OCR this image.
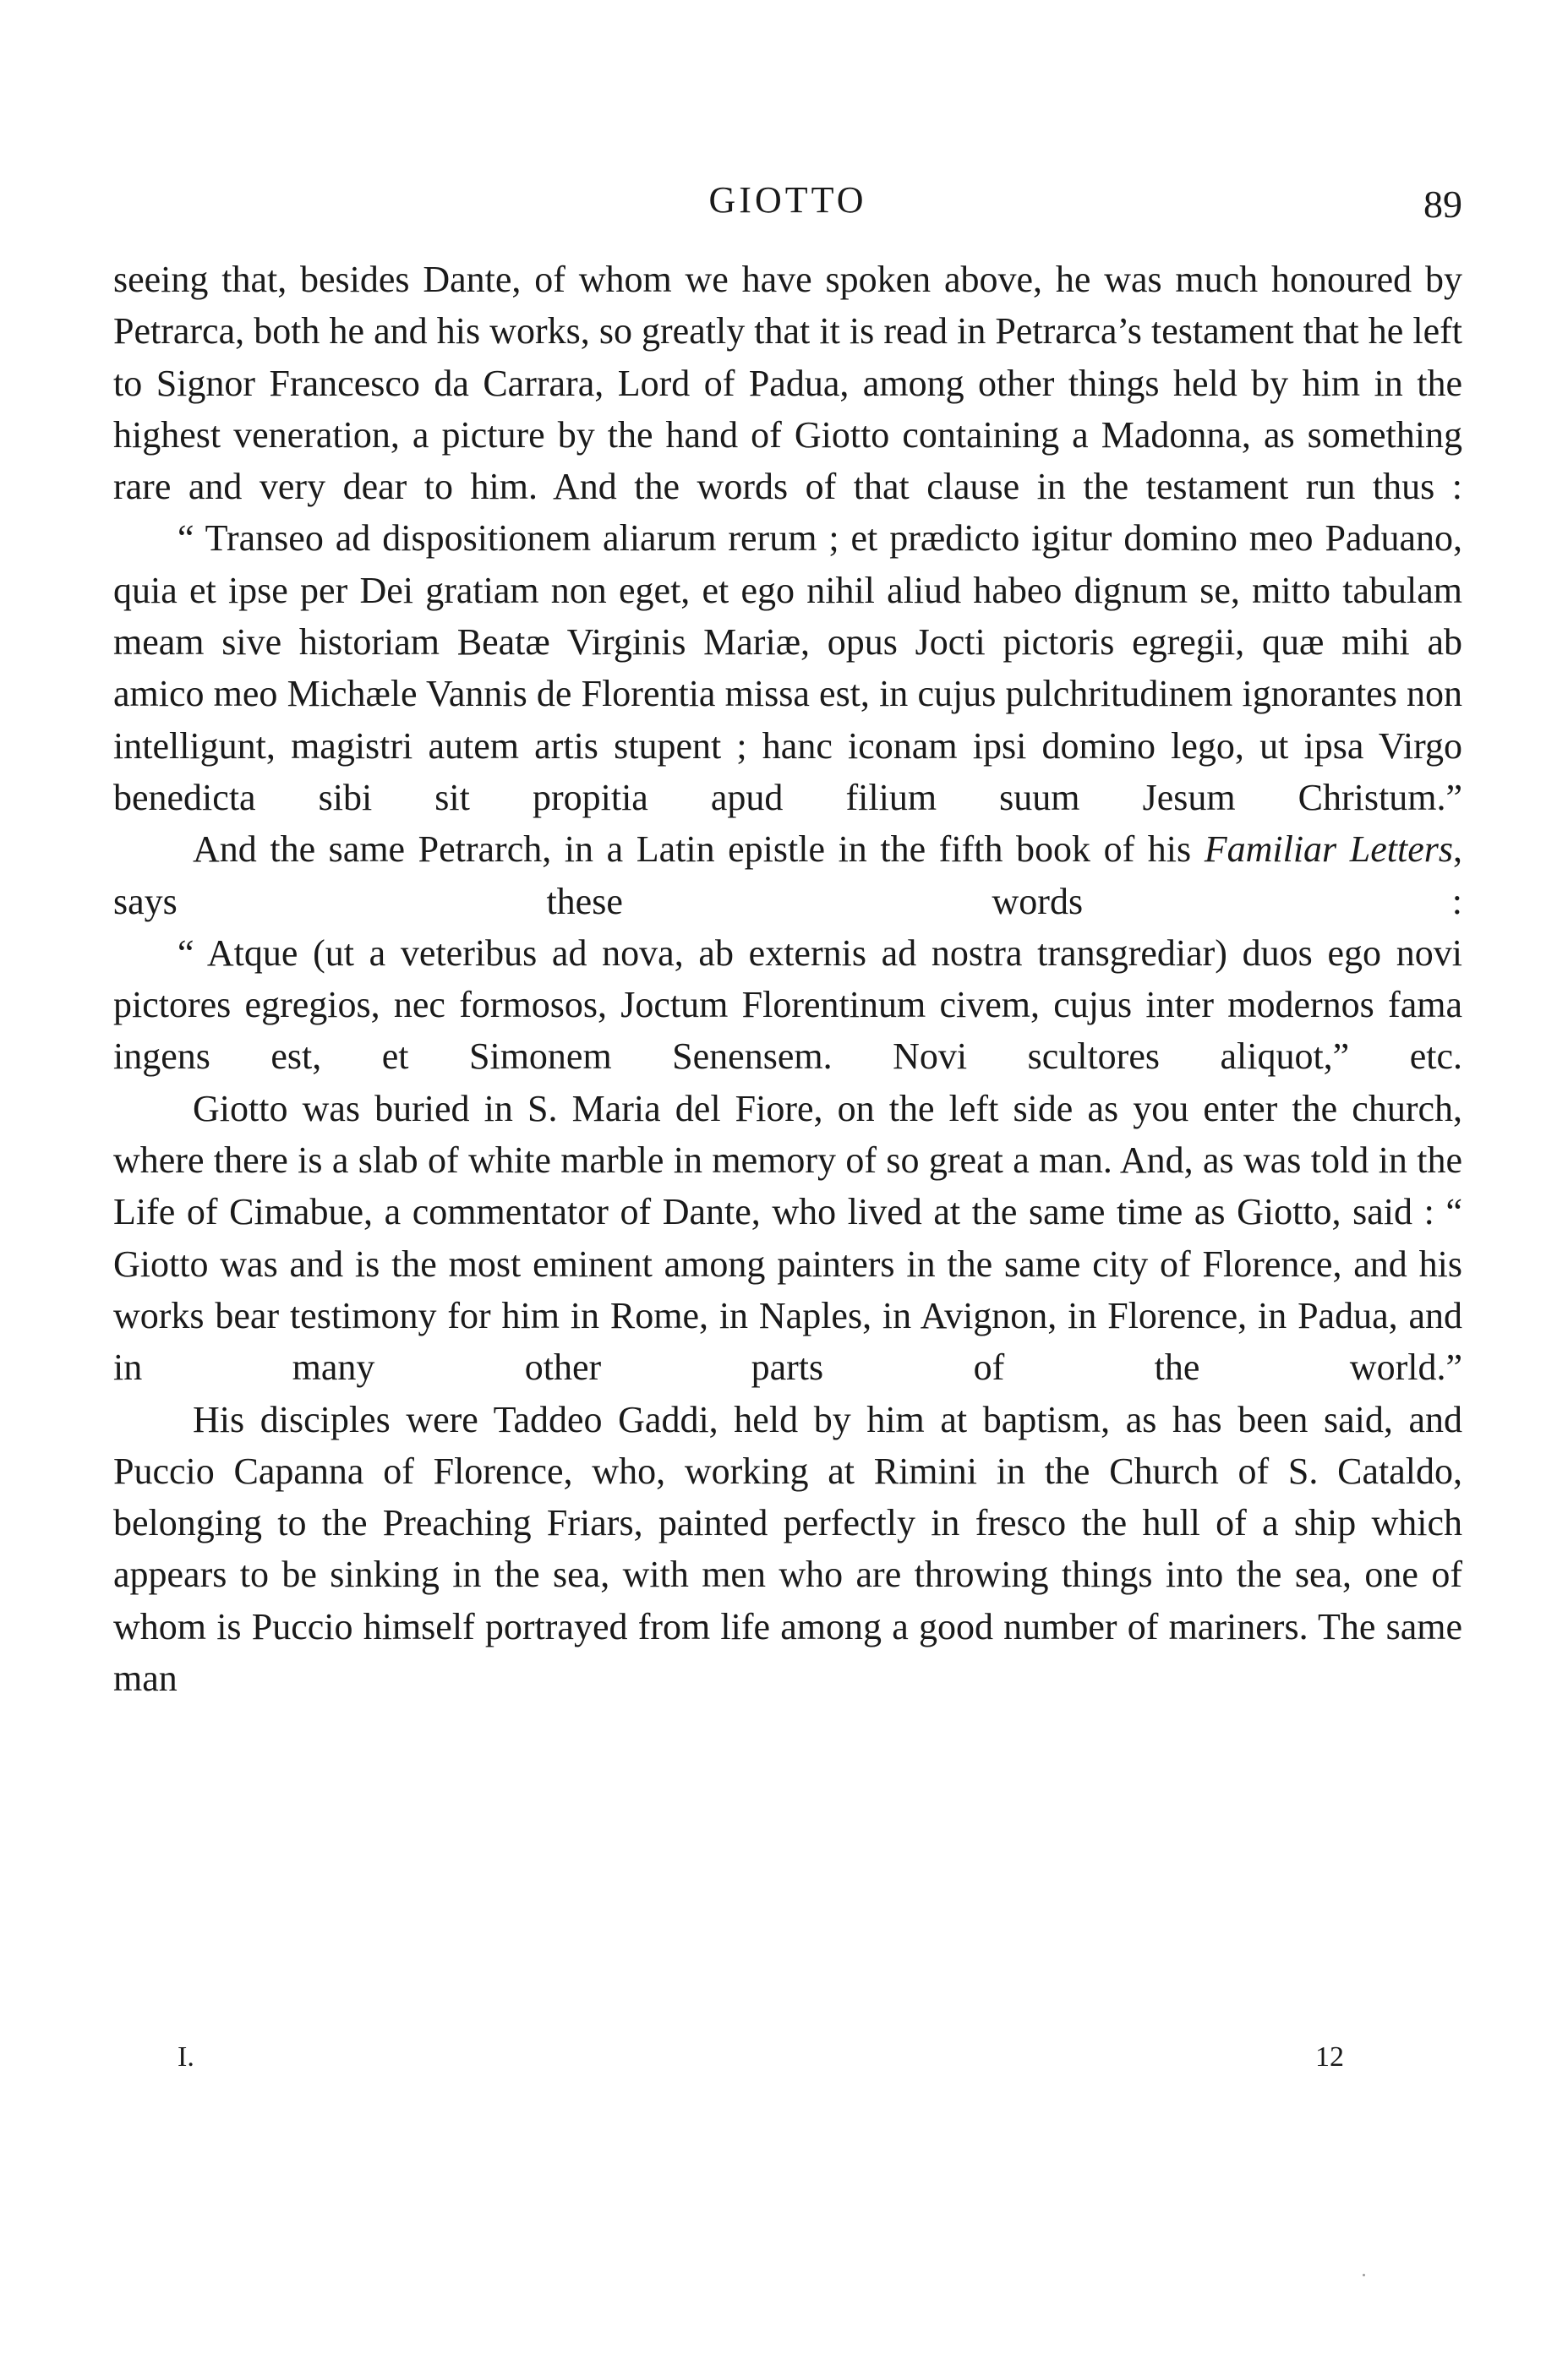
GIOTTO	89

seeing that, besides Dante, of whom we have spoken above, he was much honoured by Petrarca, both he and his works, so greatly that it is read in Petrarca’s testament that he left to Signor Francesco da Carrara, Lord of Padua, among other things held by him in the highest veneration, a picture by the hand of Giotto containing a Madonna, as something rare and very dear to him. And the words of that clause in the testament run thus :

“ Transeo ad dispositionem aliarum rerum ; et prædicto igitur domino meo Paduano, quia et ipse per Dei gratiam non eget, et ego nihil aliud habeo dignum se, mitto tabulam meam sive historiam Beatæ Virginis Mariæ, opus Jocti pictoris egregii, quæ mihi ab amico meo Michæle Vannis de Florentia missa est, in cujus pulchritudinem ignorantes non intelligunt, magistri autem artis stupent ; hanc iconam ipsi domino lego, ut ipsa Virgo benedicta sibi sit propitia apud filium suum Jesum Christum.”

And the same Petrarch, in a Latin epistle in the fifth book of his Familiar Letters, says these words :

“ Atque (ut a veteribus ad nova, ab externis ad nostra transgrediar) duos ego novi pictores egregios, nec formosos, Joctum Florentinum civem, cujus inter modernos fama ingens est, et Simonem Senensem. Novi scultores aliquot,” etc.

Giotto was buried in S. Maria del Fiore, on the left side as you enter the church, where there is a slab of white marble in memory of so great a man. And, as was told in the Life of Cimabue, a commentator of Dante, who lived at the same time as Giotto, said : “ Giotto was and is the most eminent among painters in the same city of Florence, and his works bear testimony for him in Rome, in Naples, in Avignon, in Florence, in Padua, and in many other parts of the world.”

His disciples were Taddeo Gaddi, held by him at baptism, as has been said, and Puccio Capanna of Florence, who, working at Rimini in the Church of S. Cataldo, belonging to the Preaching Friars, painted perfectly in fresco the hull of a ship which appears to be sinking in the sea, with men who are throwing things into the sea, one of whom is Puccio himself portrayed from life among a good number of mariners. The same man

I.	12
